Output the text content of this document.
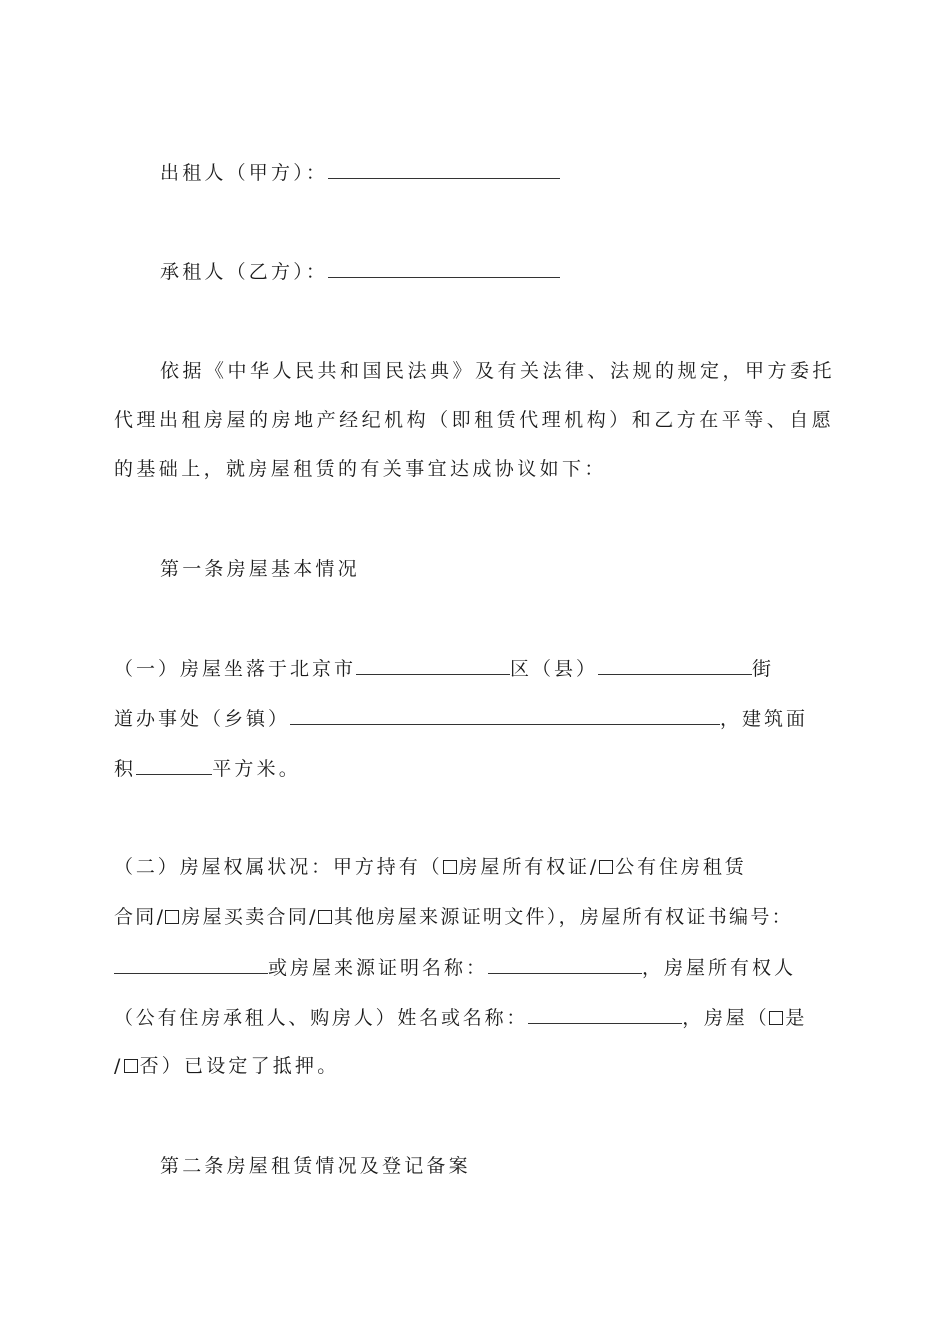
出租人（甲方）：
承租人（乙方）：
依据《中华人民共和国民法典》及有关法律、法规的规定，甲方委托
代理出租房屋的房地产经纪机构（即租赁代理机构）和乙方在平等、自愿
的基础上，就房屋租赁的有关事宜达成协议如下：
第一条房屋基本情况
（一）房屋坐落于北京市	区（县）	街
道办事处（乡镇）	，建筑面
积	平方米。
（二）房屋权属状况：甲方持有（ 房屋所有权证/ 公有住房租赁
合同/ 房屋买卖合同/ 其他房屋来源证明文件），房屋所有权证书编号：
或房屋来源证明名称：	，房屋所有权人
（公有住房承租人、购房人）姓名或名称：	，房屋（ 是
/ 否）已设定了抵押。
第二条房屋租赁情况及登记备案
